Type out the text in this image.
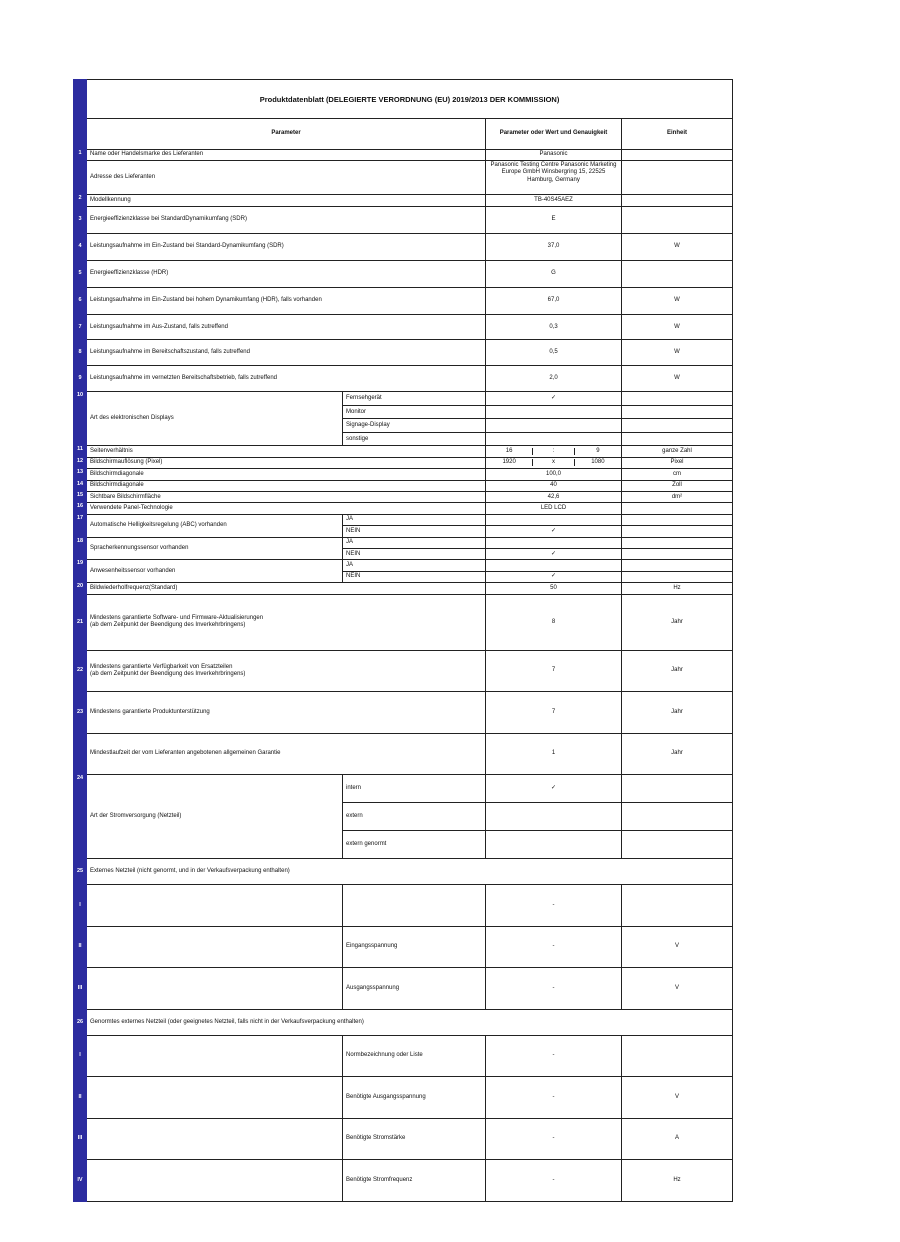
	Produktdatenblatt (DELEGIERTE VERORDNUNG (EU) 2019/2013 DER KOMMISSION)			
	Parameter		Parameter oder Wert und Genauigkeit	Einheit
1	Name oder Handelsmarke des Lieferanten		Panasonic	
	Adresse des Lieferanten		Panasonic Testing Centre Panasonic Marketing Europe GmbH Winsbergring 15, 22525 Hamburg, Germany	
2	Modellkennung		TB-40S45AEZ	
3	Energieeffizienzklasse bei StandardDynamikumfang (SDR)		E	
4	Leistungsaufnahme im Ein-Zustand bei Standard-Dynamikumfang (SDR)		37,0	W
5	Energieeffizienzklasse (HDR)		G	
6	Leistungsaufnahme im Ein-Zustand bei hohem Dynamikumfang (HDR), falls vorhanden		67,0	W
7	Leistungsaufnahme im Aus-Zustand, falls zutreffend		0,3	W
8	Leistungsaufnahme im Bereitschaftszustand, falls zutreffend		0,5	W
9	Leistungsaufnahme im vernetzten Bereitschaftsbetrieb, falls zutreffend		2,0	W
10	Art des elektronischen Displays	Fernsehgerät	✓	
		Monitor		
		Signage-Display		
		sonstige		
11	Seitenverhältnis		16 : 9	ganze Zahl
12	Bildschirmauflösung (Pixel)		1920 x 1080	Pixel
13	Bildschirmdiagonale		100,0	cm
14	Bildschirmdiagonale		40	Zoll
15	Sichtbare Bildschirmfläche		42,6	dm²
16	Verwendete Panel-Technologie		LED LCD	
17	Automatische Helligkeitsregelung (ABC) vorhanden	JA		
		NEIN	✓	
18	Spracherkennungssensor vorhanden	JA		
		NEIN	✓	
19	Anwesenheitssensor vorhanden	JA		
		NEIN	✓	
20	Bildwiederholfrequenz(Standard)		50	Hz
21	Mindestens garantierte Software- und Firmware-Aktualisierungen
(ab dem Zeitpunkt der Beendigung des Inverkehrbringens)		8	Jahr
22	Mindestens garantierte Verfügbarkeit von Ersatzteilen
(ab dem Zeitpunkt der Beendigung des Inverkehrbringens)		7	Jahr
23	Mindestens garantierte Produktunterstützung		7	Jahr
	Mindestlaufzeit der vom Lieferanten angebotenen allgemeinen Garantie		1	Jahr
24	Art der Stromversorgung (Netzteil)	intern	✓	
		extern		
		extern genormt		
25	Externes Netzteil (nicht genormt, und in der Verkaufsverpackung enthalten)			
I			-	
II		Eingangsspannung	-	V
III		Ausgangsspannung	-	V
26	Genormtes externes Netzteil (oder geeignetes Netzteil, falls nicht in der Verkaufsverpackung enthalten)			
I		Normbezeichnung oder Liste	-	
II		Benötigte Ausgangsspannung	-	V
III		Benötigte Stromstärke	-	A
IV		Benötigte Stromfrequenz	-	Hz
